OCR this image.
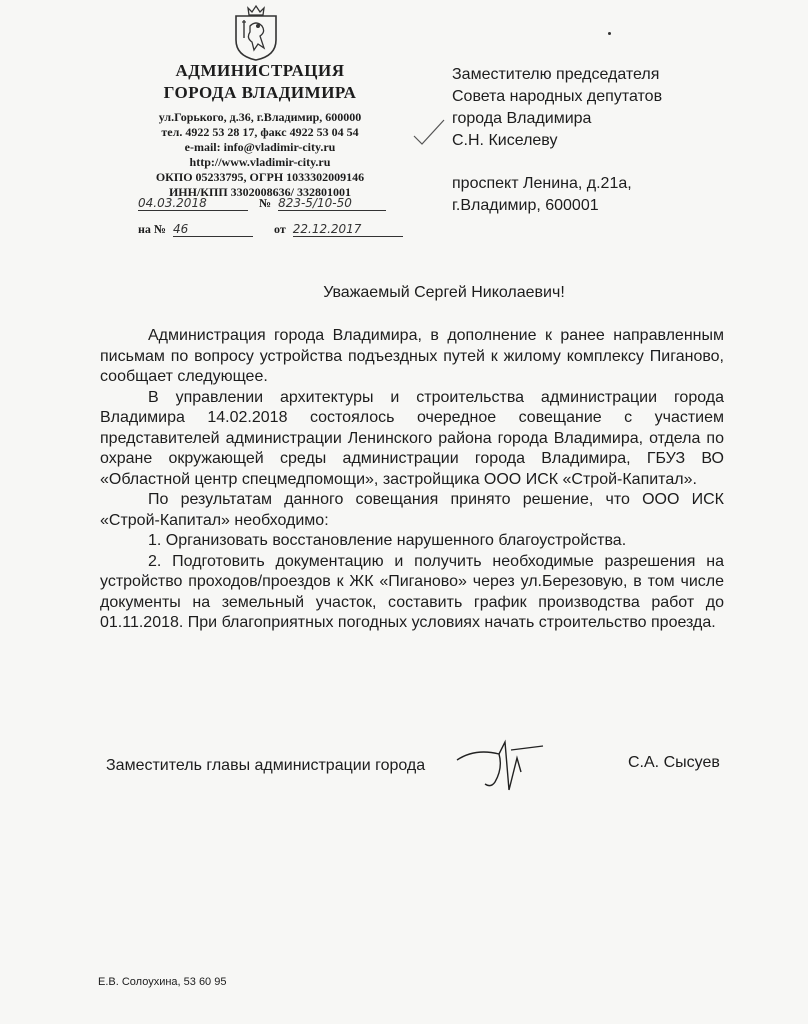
АДМИНИСТРАЦИЯ
ГОРОДА ВЛАДИМИРА
ул.Горького, д.36, г.Владимир, 600000
тел. 4922 53 28 17, факс 4922 53 04 54
e-mail: info@vladimir-city.ru
http://www.vladimir-city.ru
ОКПО 05233795, ОГРН 1033302009146
ИНН/КПП 3302008636/ 332801001
04.03.2018	№ 823-5/10-50
на № 46	от 22.12.2017
Заместителю председателя
Совета народных депутатов
города Владимира
С.Н. Киселеву
проспект Ленина, д.21а,
г.Владимир, 600001
Уважаемый Сергей Николаевич!

Администрация города Владимира, в дополнение к ранее направленным письмам по вопросу устройства подъездных путей к жилому комплексу Пиганово, сообщает следующее.

В управлении архитектуры и строительства администрации города Владимира 14.02.2018 состоялось очередное совещание с участием представителей администрации Ленинского района города Владимира, отдела по охране окружающей среды администрации города Владимира, ГБУЗ ВО «Областной центр спецмедпомощи», застройщика ООО ИСК «Строй-Капитал».

По результатам данного совещания принято решение, что ООО ИСК «Строй-Капитал» необходимо:

1. Организовать восстановление нарушенного благоустройства.

2. Подготовить документацию и получить необходимые разрешения на устройство проходов/проездов к ЖК «Пиганово» через ул.Березовую, в том числе документы на земельный участок, составить график производства работ до 01.11.2018. При благоприятных погодных условиях начать строительство проезда.

Заместитель главы администрации города	С.А. Сысуев
Е.В. Солоухина, 53 60 95
